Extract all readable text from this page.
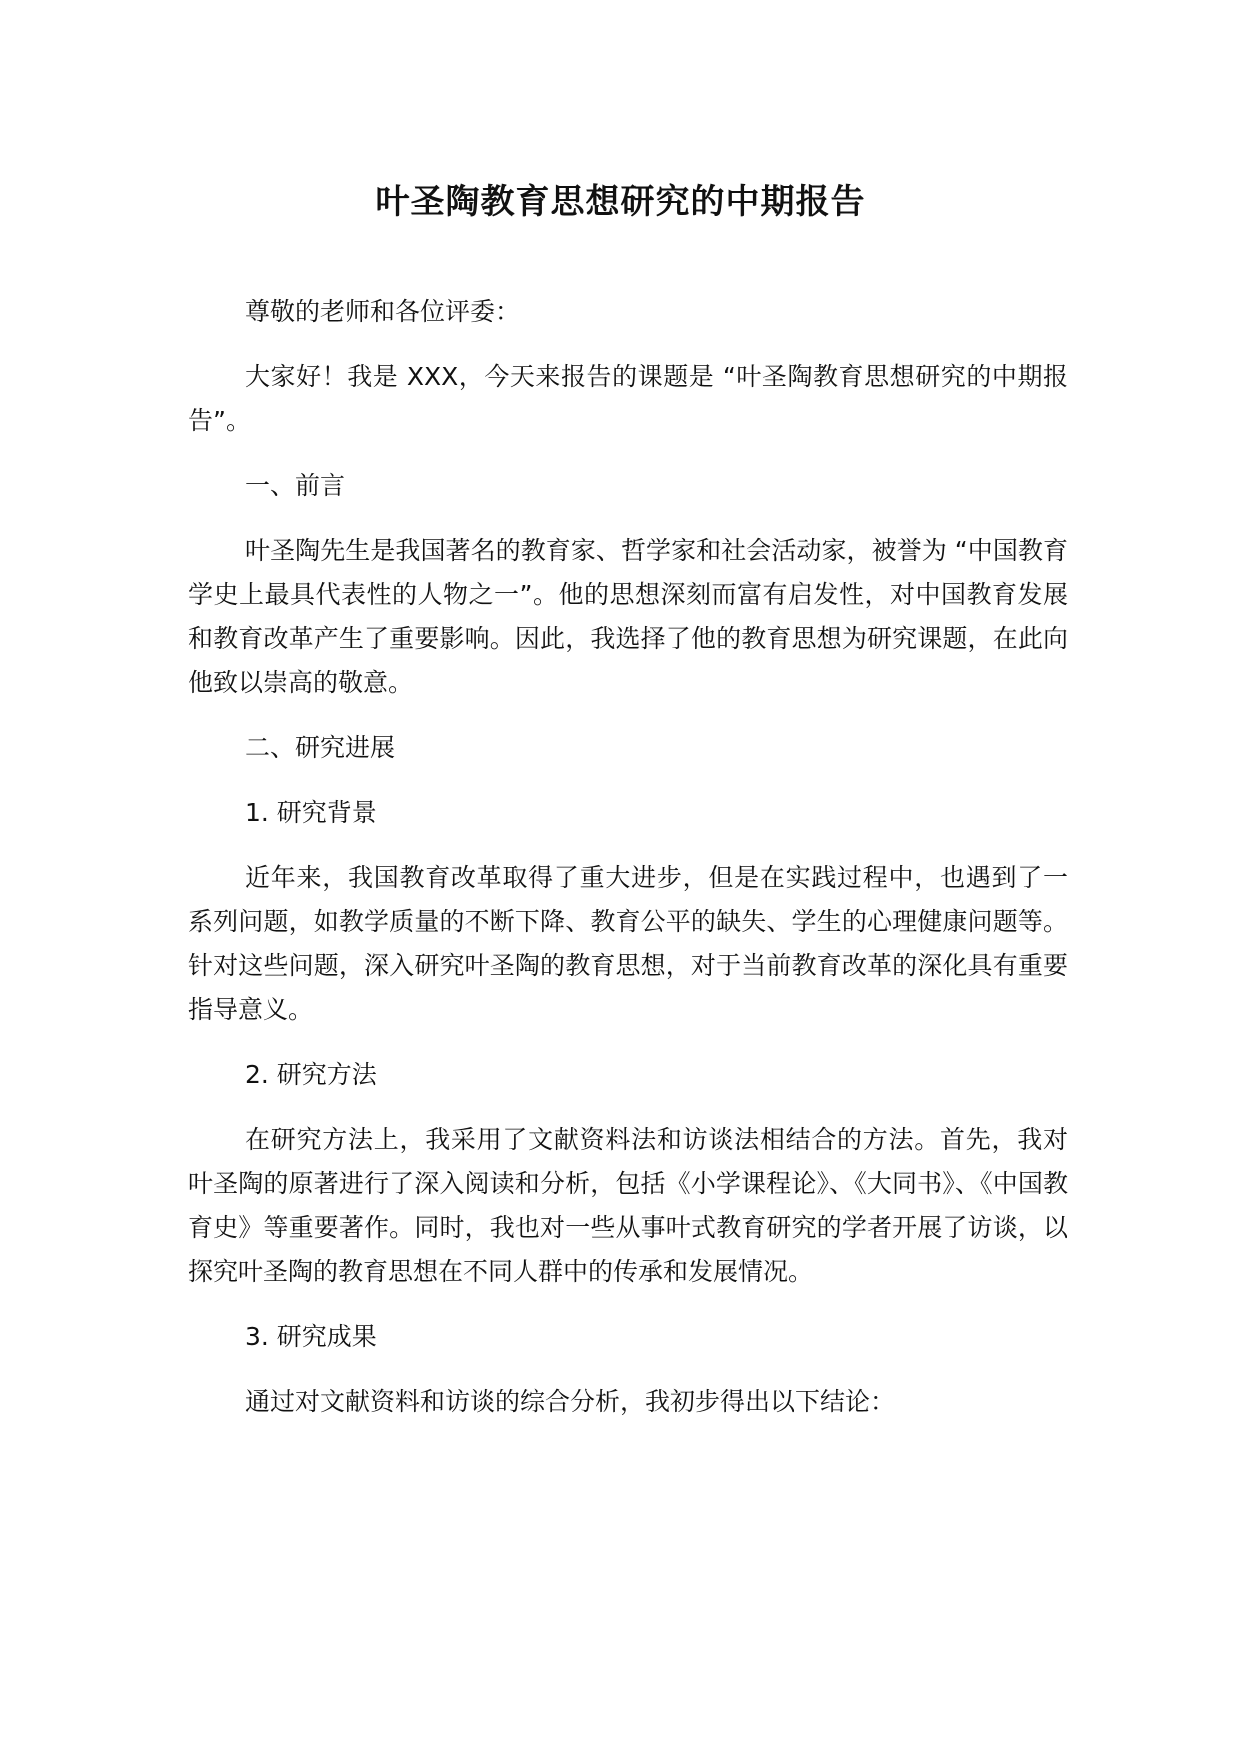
叶圣陶教育思想研究的中期报告

尊敬的老师和各位评委：

大家好！我是 XXX，今天来报告的课题是 “叶圣陶教育思想研究的中期报告”。

一、前言

叶圣陶先生是我国著名的教育家、哲学家和社会活动家，被誉为 “中国教育学史上最具代表性的人物之一”。他的思想深刻而富有启发性，对中国教育发展和教育改革产生了重要影响。因此，我选择了他的教育思想为研究课题，在此向他致以崇高的敬意。

二、研究进展

1. 研究背景

近年来，我国教育改革取得了重大进步，但是在实践过程中，也遇到了一系列问题，如教学质量的不断下降、教育公平的缺失、学生的心理健康问题等。针对这些问题，深入研究叶圣陶的教育思想，对于当前教育改革的深化具有重要指导意义。

2. 研究方法

在研究方法上，我采用了文献资料法和访谈法相结合的方法。首先，我对叶圣陶的原著进行了深入阅读和分析，包括《小学课程论》、《大同书》、《中国教育史》等重要著作。同时，我也对一些从事叶式教育研究的学者开展了访谈，以探究叶圣陶的教育思想在不同人群中的传承和发展情况。

3. 研究成果

通过对文献资料和访谈的综合分析，我初步得出以下结论：
